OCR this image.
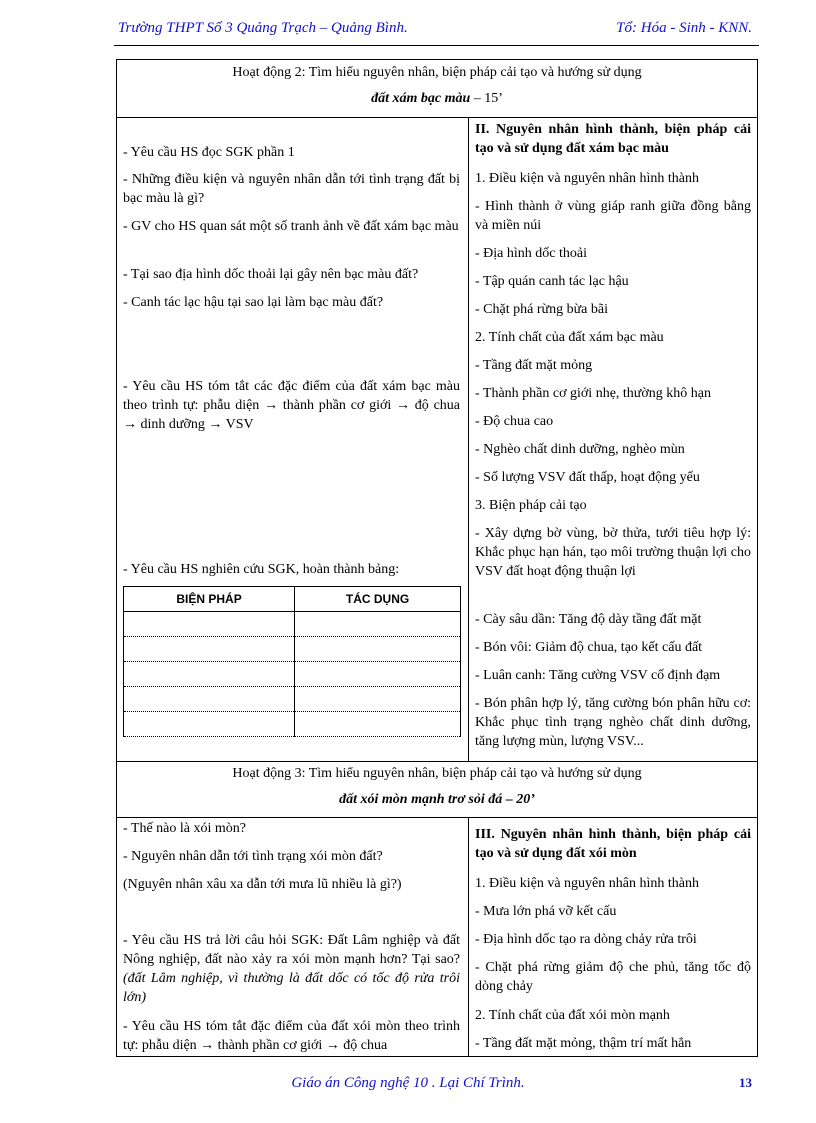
Trường THPT Số 3 Quảng Trạch – Quảng Bình.	Tổ: Hóa - Sinh - KNN.
Hoạt động 2: Tìm hiểu nguyên nhân, biện pháp cải tạo và hướng sử dụng
đất xám bạc màu – 15’

- Yêu cầu HS đọc SGK phần 1

- Những điều kiện và nguyên nhân dẫn tới tình trạng đất bị bạc màu là gì?

- GV cho HS quan sát một số tranh ảnh về đất xám bạc màu

- Tại sao địa hình dốc thoải lại gây nên bạc màu đất?

- Canh tác lạc hậu tại sao lại làm bạc màu đất?

- Yêu cầu HS tóm tắt các đặc điểm của đất xám bạc màu theo trình tự: phẫu diện → thành phần cơ giới → độ chua → dinh dưỡng → VSV

- Yêu cầu HS nghiên cứu SGK, hoàn thành bảng:

BIỆN PHÁP	TÁC DỤNG

II. Nguyên nhân hình thành, biện pháp cải tạo và sử dụng đất xám bạc màu

1. Điều kiện và nguyên nhân hình thành

- Hình thành ở vùng giáp ranh giữa đồng bằng và miền núi

- Địa hình dốc thoải

- Tập quán canh tác lạc hậu

- Chặt phá rừng bừa bãi

2. Tính chất của đất xám bạc màu

- Tầng đất mặt mỏng

- Thành phần cơ giới nhẹ, thường khô hạn

- Độ chua cao

- Nghèo chất dinh dưỡng, nghèo mùn

- Số lượng VSV đất thấp, hoạt động yếu

3. Biện pháp cải tạo

- Xây dựng bờ vùng, bờ thửa, tưới tiêu hợp lý: Khắc phục hạn hán, tạo môi trường thuận lợi cho VSV đất hoạt động thuận lợi

- Cày sâu dần: Tăng độ dày tầng đất mặt

- Bón vôi: Giảm độ chua, tạo kết cấu đất

- Luân canh: Tăng cường VSV cố định đạm

- Bón phân hợp lý, tăng cường bón phân hữu cơ: Khắc phục tình trạng nghèo chất dinh dưỡng, tăng lượng mùn, lượng VSV...

Hoạt động 3: Tìm hiểu nguyên nhân, biện pháp cải tạo và hướng sử dụng
đất xói mòn mạnh trơ sỏi đá – 20’

- Thế nào là xói mòn?

- Nguyên nhân dẫn tới tình trạng xói mòn đất?

(Nguyên nhân xâu xa dẫn tới mưa lũ nhiều là gì?)

- Yêu cầu HS trả lời câu hỏi SGK: Đất Lâm nghiệp và đất Nông nghiệp, đất nào xảy ra xói mòn mạnh hơn? Tại sao? (đất Lâm nghiệp, vì thường là đất dốc có tốc độ rửa trôi lớn)

- Yêu cầu HS tóm tắt đặc điểm của đất xói mòn theo trình tự: phẫu diện → thành phần cơ giới → độ chua

III. Nguyên nhân hình thành, biện pháp cải tạo và sử dụng đất xói mòn

1. Điều kiện và nguyên nhân hình thành

- Mưa lớn phá vỡ kết cấu

- Địa hình dốc tạo ra dòng chảy rửa trôi

- Chặt phá rừng giảm độ che phủ, tăng tốc độ dòng chảy

2. Tính chất của đất xói mòn mạnh

- Tầng đất mặt mỏng, thậm trí mất hẳn

Giáo án Công nghệ 10 . Lại Chí Trình.	13
